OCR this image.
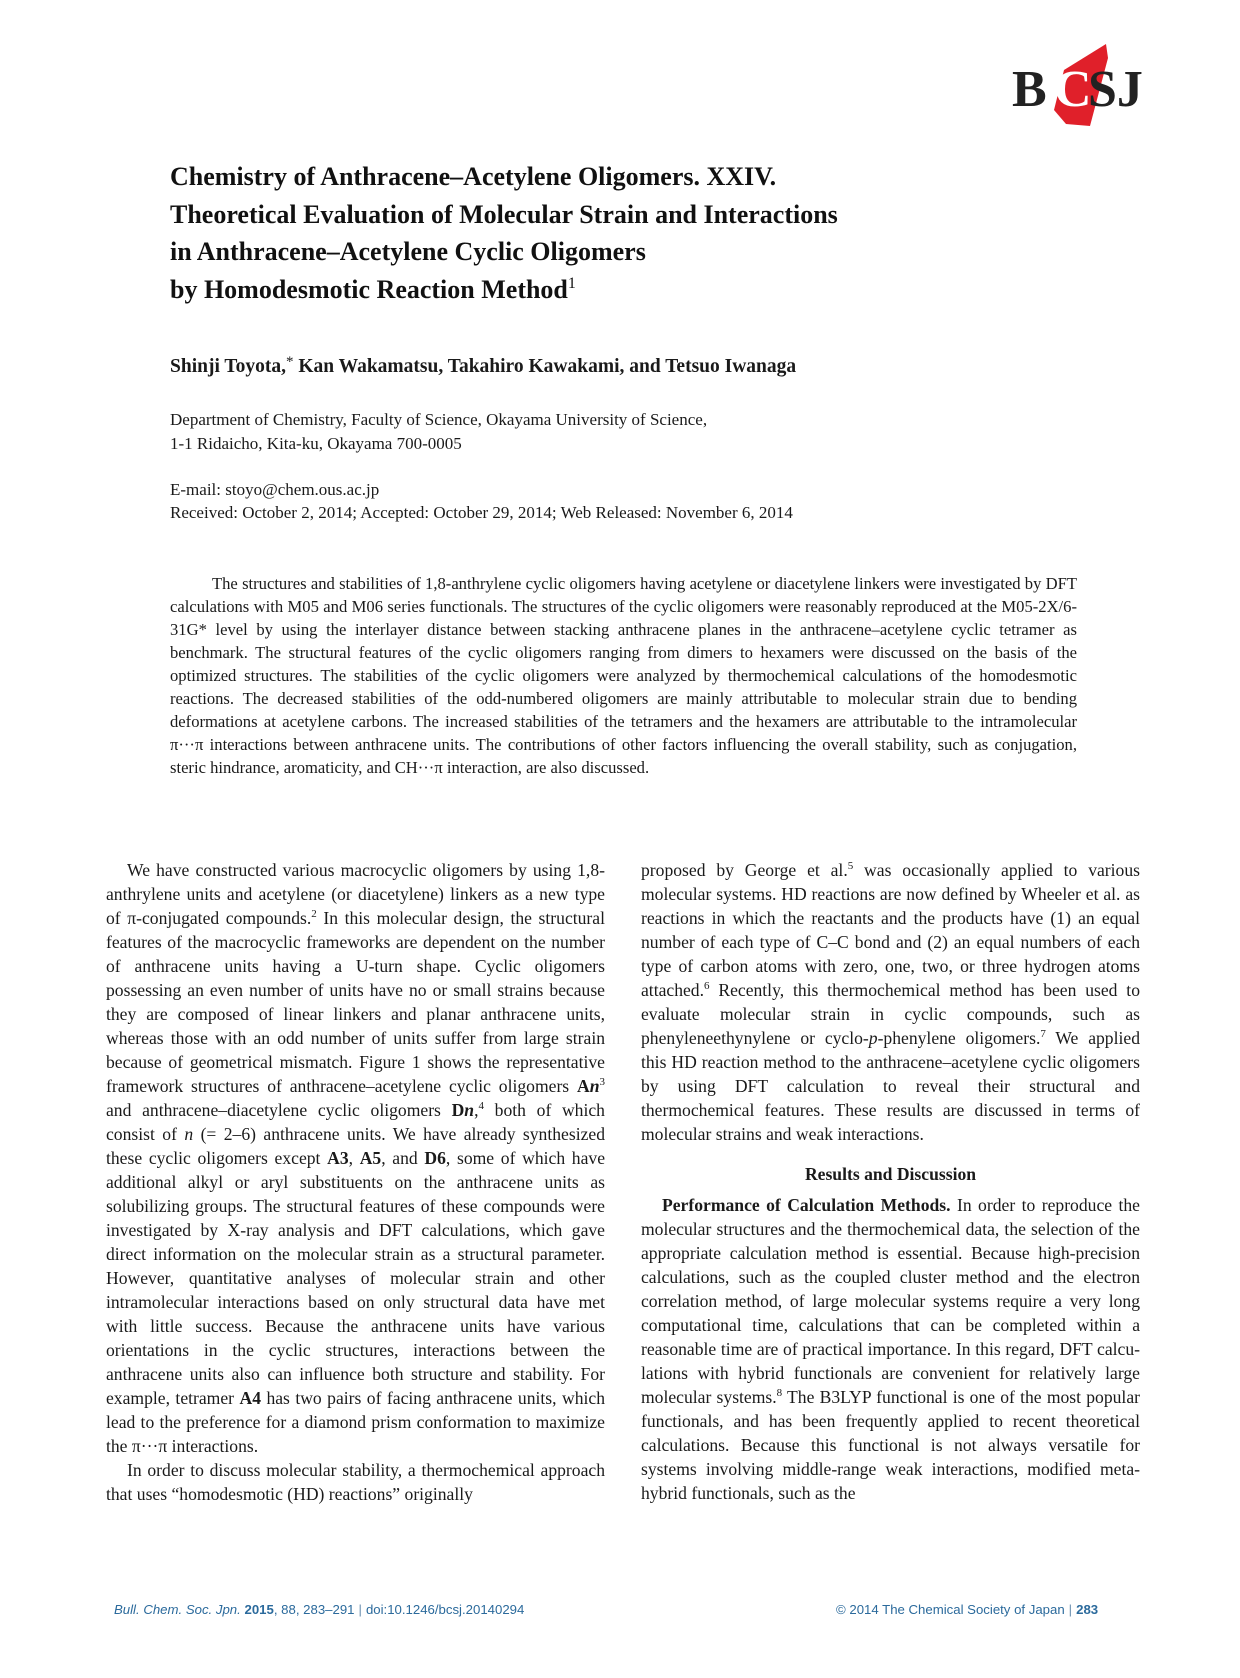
B C
SJ
Chemistry of Anthracene–Acetylene Oligomers. XXIV.
Theoretical Evaluation of Molecular Strain and Interactions
in Anthracene–Acetylene Cyclic Oligomers
by Homodesmotic Reaction Method$^1$
Shinji Toyota,* Kan Wakamatsu, Takahiro Kawakami, and Tetsuo Iwanaga
Department of Chemistry, Faculty of Science, Okayama University of Science,
1-1 Ridaicho, Kita-ku, Okayama 700-0005
E-mail: stoyo@chem.ous.ac.jp
Received: October 2, 2014; Accepted: October 29, 2014; Web Released: November 6, 2014
The structures and stabilities of 1,8-anthrylene cyclic oligomers having acetylene or diacetylene linkers were investigated by DFT calculations with M05 and M06 series functionals. The structures of the cyclic oligomers were reasonably reproduced at the M05-2X/6-31G* level by using the interlayer distance between stacking anthracene planes in the anthracene–acetylene cyclic tetramer as benchmark. The structural features of the cyclic oligomers ranging from dimers to hexamers were discussed on the basis of the optimized structures. The stabilities of the cyclic oligomers were analyzed by thermochemical calculations of the homodesmotic reactions. The decreased stabilities of the odd-numbered oligomers are mainly attributable to molecular strain due to bending deformations at acetylene carbons. The increased stabilities of the tetramers and the hexamers are attributable to the intramolecular π···π interactions between anthracene units. The contributions of other factors influencing the overall stability, such as conjugation, steric hindrance, aromaticity, and CH···π interaction, are also discussed.

We have constructed various macrocyclic oligomers by using 1,8-anthrylene units and acetylene (or diacetylene) linkers as a new type of π-conjugated compounds.$^2$ In this molecular design, the structural features of the macrocyclic frameworks are dependent on the number of anthracene units having a U-turn shape. Cyclic oligomers possessing an even number of units have no or small strains because they are composed of linear linkers and planar anthracene units, whereas those with an odd number of units suffer from large strain because of geometrical mismatch. Figure 1 shows the representative framework structures of anthracene–acetylene cyclic oligomers An$^3$ and anthracene–diacetylene cyclic oligomers Dn,$^4$ both of which consist of n (= 2–6) anthracene units. We have already synthesized these cyclic oligomers except A3, A5, and D6, some of which have additional alkyl or aryl substituents on the anthracene units as solubilizing groups. The structural features of these compounds were investigated by X-ray analysis and DFT calculations, which gave direct information on the molecular strain as a structural parameter. However, quantitative analyses of molecular strain and other intramolecular interactions based on only structural data have met with little success. Because the anthracene units have various orientations in the cyclic structures, interactions between the anthracene units also can influence both structure and stability. For example, tetramer A4 has two pairs of facing anthracene units, which lead to the preference for a diamond prism conformation to maximize the π···π interactions.

In order to discuss molecular stability, a thermochemical approach that uses “homodesmotic (HD) reactions” originally

proposed by George et al.$^5$ was occasionally applied to various molecular systems. HD reactions are now defined by Wheeler et al. as reactions in which the reactants and the products have (1) an equal number of each type of C–C bond and (2) an equal numbers of each type of carbon atoms with zero, one, two, or three hydrogen atoms attached.$^6$ Recently, this thermochemical method has been used to evaluate molecular strain in cyclic compounds, such as phenyleneethynylene or cyclo-p-phenylene oligomers.$^7$ We applied this HD reaction method to the anthracene–acetylene cyclic oligomers by using DFT calculation to reveal their structural and thermochemical features. These results are discussed in terms of molecular strains and weak interactions.

Results and Discussion

Performance of Calculation Methods. In order to reproduce the molecular structures and the thermochemical data, the selection of the appropriate calculation method is essential. Because high-precision calculations, such as the coupled cluster method and the electron correlation method, of large molecular systems require a very long computational time, calculations that can be completed within a reasonable time are of practical importance. In this regard, DFT calculations with hybrid functionals are convenient for relatively large molecular systems.$^8$ The B3LYP functional is one of the most popular functionals, and has been frequently applied to recent theoretical calculations. Because this functional is not always versatile for systems involving middle-range weak interactions, modified meta-hybrid functionals, such as the

Bull. Chem. Soc. Jpn. 2015, 88, 283–291 | doi:10.1246/bcsj.20140294	© 2014 The Chemical Society of Japan | 283
